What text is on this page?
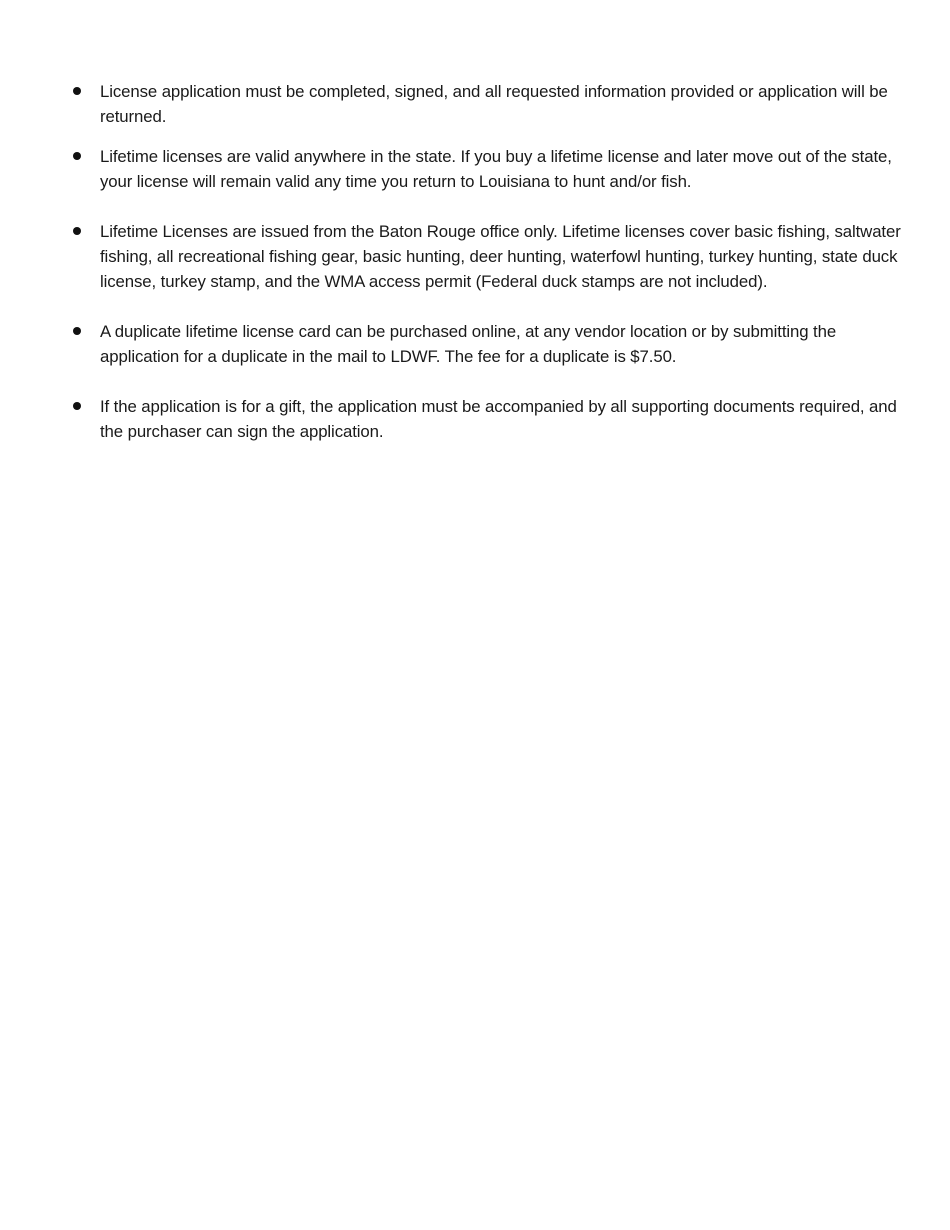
License application must be completed, signed, and all requested information provided or application will be returned.
Lifetime licenses are valid anywhere in the state. If you buy a lifetime license and later move out of the state, your license will remain valid any time you return to Louisiana to hunt and/or fish.
Lifetime Licenses are issued from the Baton Rouge office only. Lifetime licenses cover basic fishing, saltwater fishing, all recreational fishing gear, basic hunting, deer hunting, waterfowl hunting, turkey hunting, state duck license, turkey stamp, and the WMA access permit (Federal duck stamps are not included).
A duplicate lifetime license card can be purchased online, at any vendor location or by submitting the application for a duplicate in the mail to LDWF. The fee for a duplicate is $7.50.
If the application is for a gift, the application must be accompanied by all supporting documents required, and the purchaser can sign the application.
